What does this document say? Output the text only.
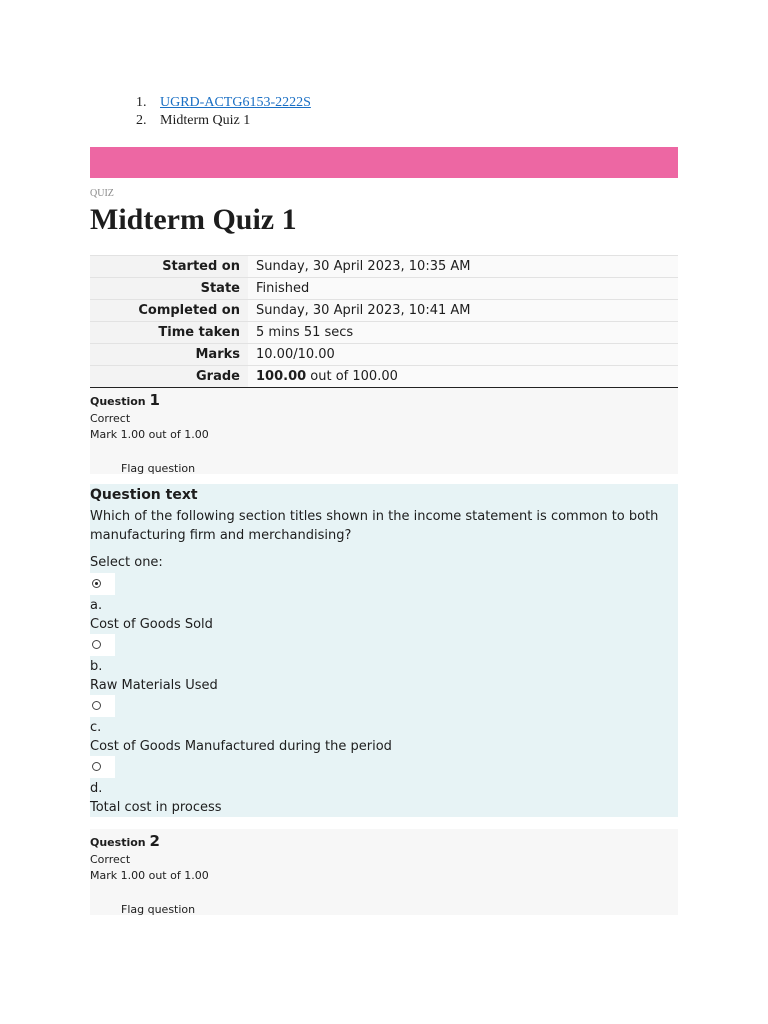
1. UGRD-ACTG6153-2222S
2. Midterm Quiz 1
QUIZ
Midterm Quiz 1
Started on	Sunday, 30 April 2023, 10:35 AM
State	Finished
Completed on	Sunday, 30 April 2023, 10:41 AM
Time taken	5 mins 51 secs
Marks	10.00/10.00
Grade	100.00 out of 100.00
Question 1
Correct
Mark 1.00 out of 1.00
Flag question
Question text

Which of the following section titles shown in the income statement is common to both manufacturing firm and merchandising?

Select one:
a.
Cost of Goods Sold
b.
Raw Materials Used
c.
Cost of Goods Manufactured during the period
d.
Total cost in process
Question 2
Correct
Mark 1.00 out of 1.00
Flag question
